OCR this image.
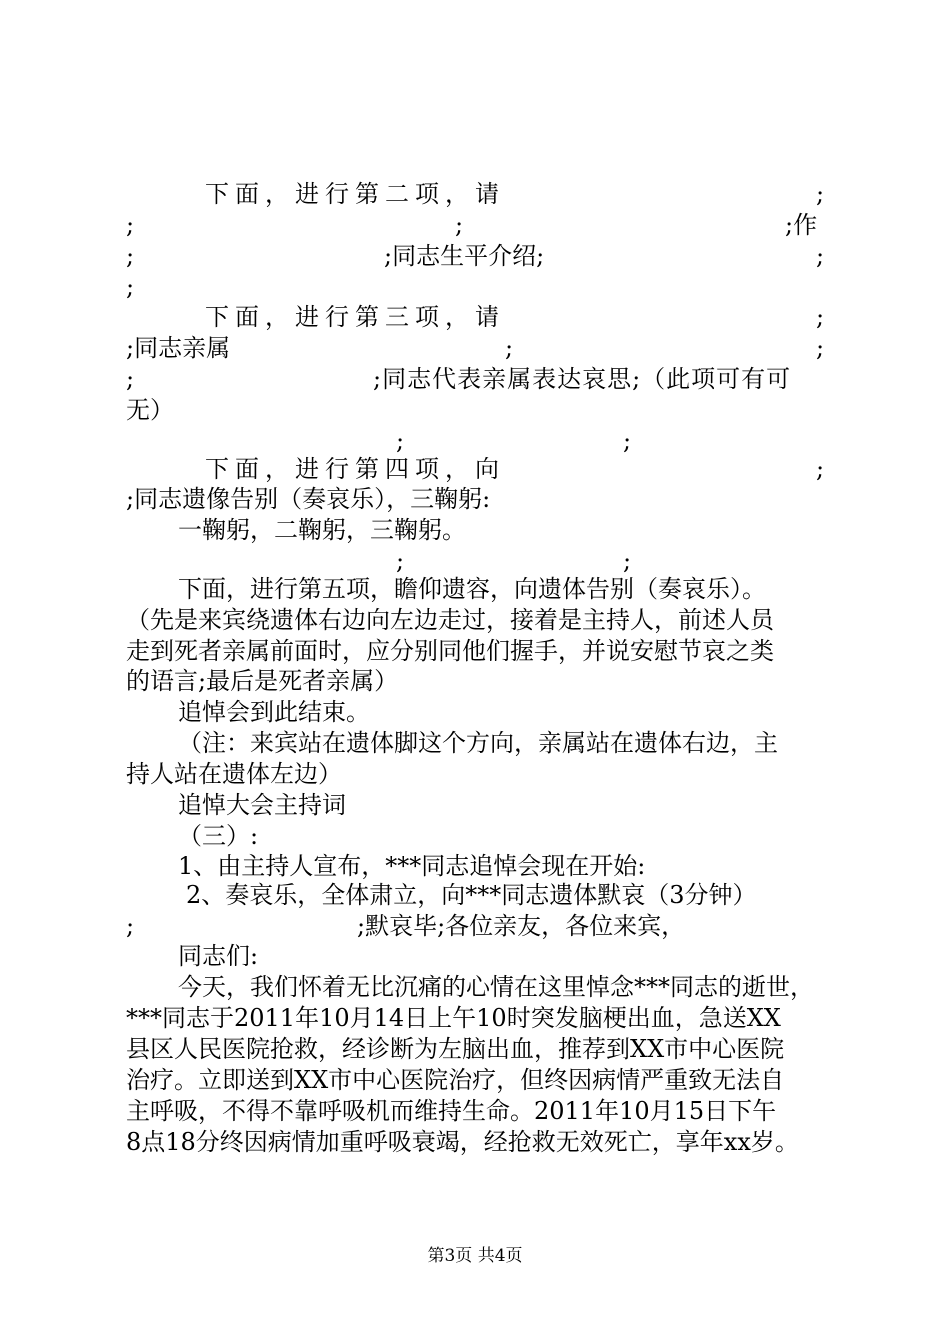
下面，进行第二项，请	;
;	;	;作
;	;同志生平介绍;	;
;
下面，进行第三项，请	;
;同志亲属	;	;
;	;同志代表亲属表达哀思;（此项可有可
无）
;	;
下面，进行第四项，向	;
;同志遗像告别（奏哀乐），三鞠躬:
一鞠躬，二鞠躬，三鞠躬。
;	;
下面，进行第五项，瞻仰遗容，向遗体告别（奏哀乐）。
（先是来宾绕遗体右边向左边走过，接着是主持人，前述人员
走到死者亲属前面时，应分别同他们握手，并说安慰节哀之类
的语言;最后是死者亲属）
追悼会到此结束。
（注：来宾站在遗体脚这个方向，亲属站在遗体右边，主
持人站在遗体左边）
追悼大会主持词
（三）:
1、由主持人宣布，***同志追悼会现在开始:
2、奏哀乐，全体肃立，向***同志遗体默哀（3分钟）
;	;默哀毕;各位亲友，各位来宾，
同志们:
今天，我们怀着无比沉痛的心情在这里悼念***同志的逝世，
***同志于2011年10月14日上午10时突发脑梗出血，急送XX
县区人民医院抢救，经诊断为左脑出血，推荐到XX市中心医院
治疗。立即送到XX市中心医院治疗，但终因病情严重致无法自
主呼吸，不得不靠呼吸机而维持生命。2011年10月15日下午
8点18分终因病情加重呼吸衰竭，经抢救无效死亡，享年xx岁。
第3页 共4页
